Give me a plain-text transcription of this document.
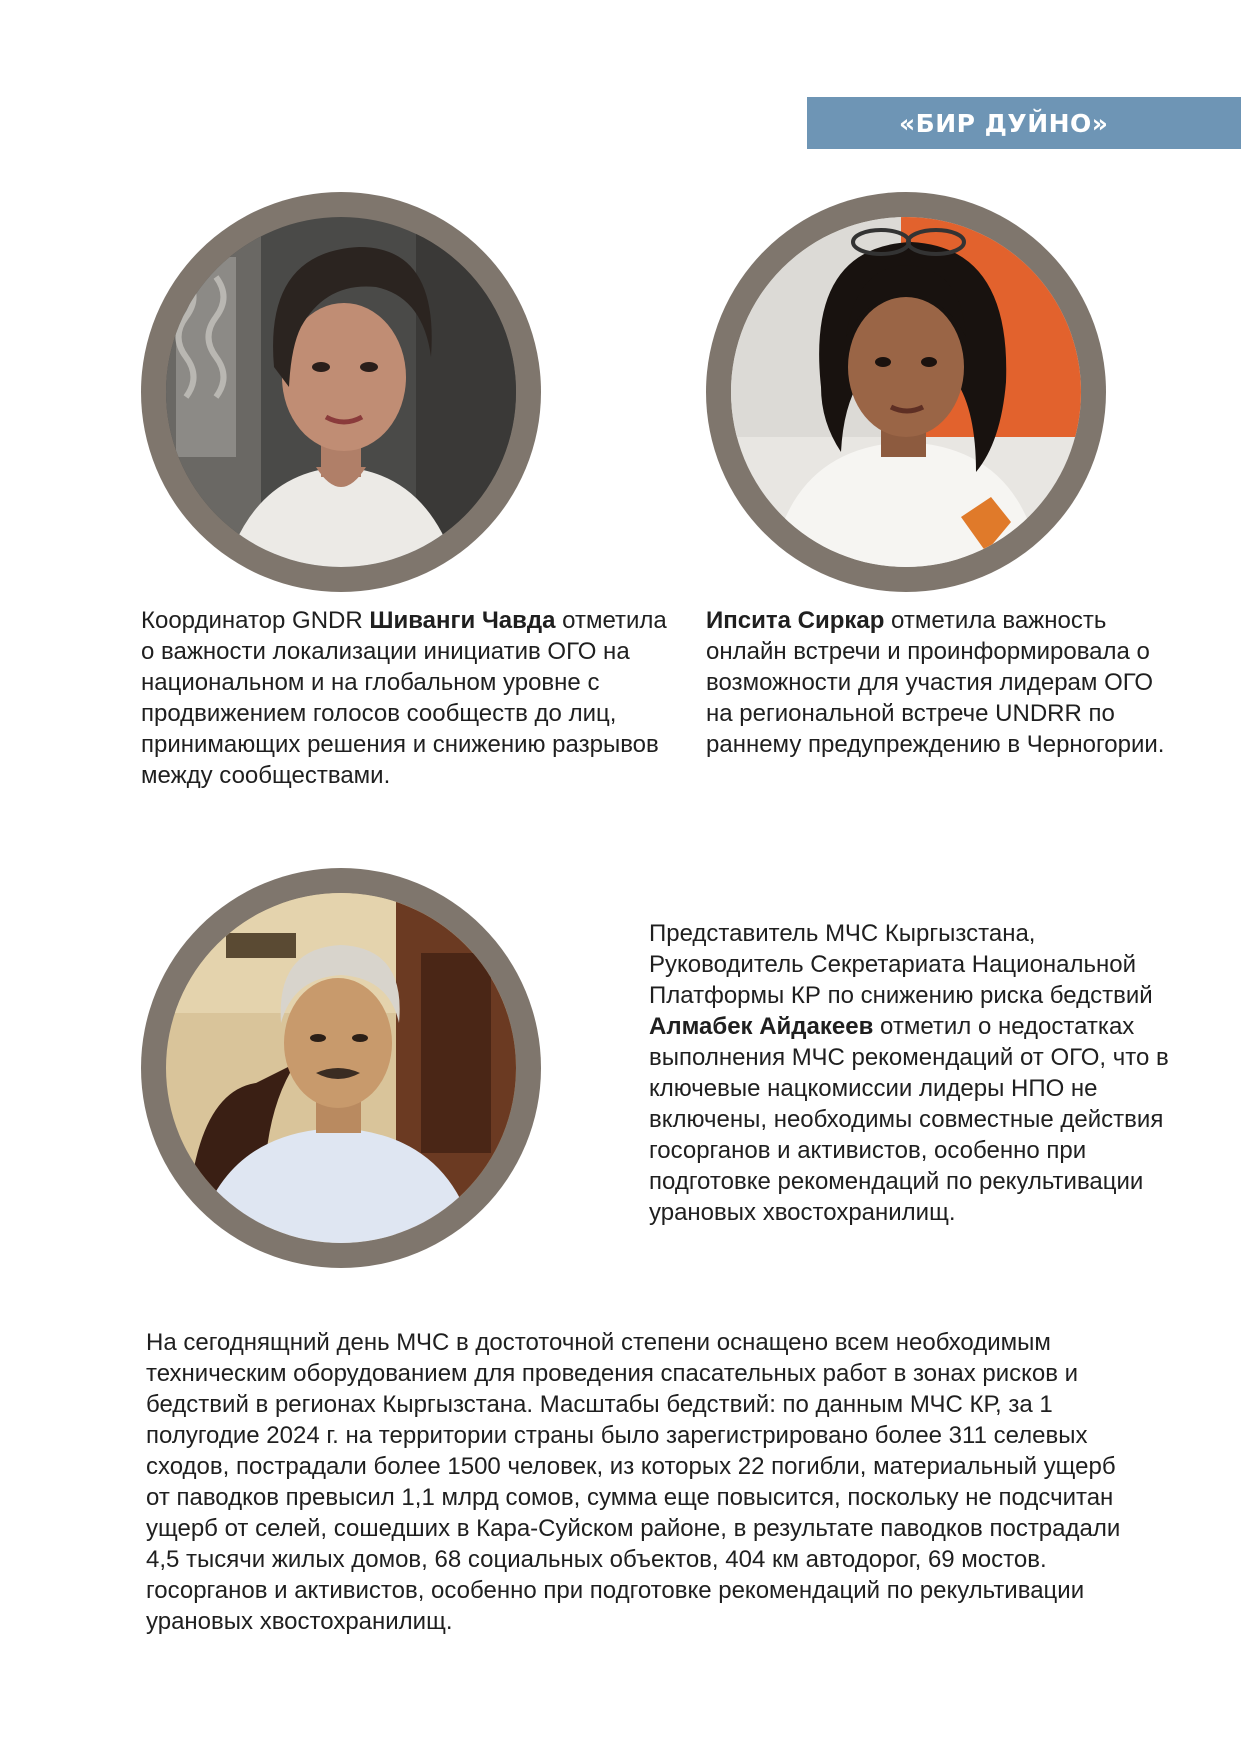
«БИР ДУЙНО»
Координатор GNDR Шиванги Чавда отметила о важности локализации инициатив ОГО на национальном и на глобальном уровне с продвижением голосов сообществ до лиц, принимающих решения и снижению разрывов между сообществами.
Ипсита Сиркар отметила важность онлайн встречи и проинформировала о возможности для участия лидерам ОГО на региональной встрече UNDRR по раннему предупреждению в Черногории.
Представитель МЧС Кыргызстана, Руководитель Секретариата Национальной Платформы КР по снижению риска бедствий Алмабек Айдакеев отметил о недостатках выполнения МЧС рекомендаций от ОГО, что в ключевые нацкомиссии лидеры НПО не включены, необходимы совместные действия госорганов и активистов, особенно при подготовке рекомендаций по рекультивации урановых хвостохранилищ.
На сегоднящний день МЧС в достоточной степени оснащено всем необходимым техническим оборудованием для проведения спасательных работ в зонах рисков и бедствий в регионах Кыргызстана. Масштабы бедствий: по данным МЧС КР, за 1 полугодие 2024 г. на территории страны было зарегистрировано более 311 селевых сходов, пострадали более 1500 человек, из которых 22 погибли, материальный ущерб от паводков превысил 1,1 млрд сомов, сумма еще повысится, поскольку не подсчитан ущерб от селей, сошедших в Кара-Суйском районе, в результате паводков пострадали 4,5 тысячи жилых домов, 68 социальных объектов, 404 км автодорог, 69 мостов. госорганов и активистов, особенно при подготовке рекомендаций по рекультивации урановых хвостохранилищ.
